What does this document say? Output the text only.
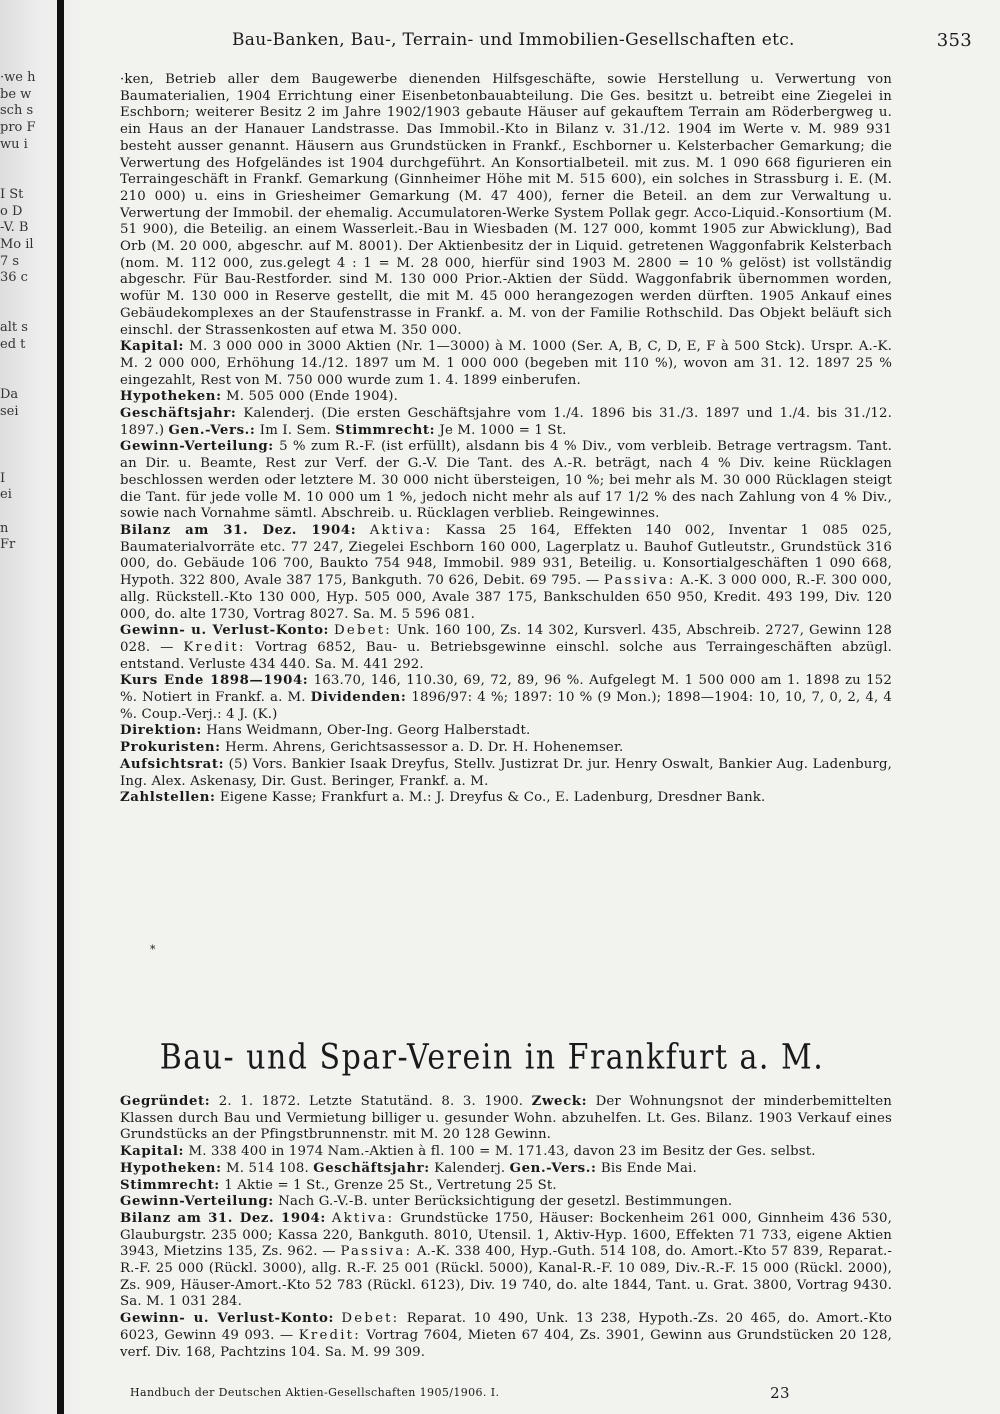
·we h
be w
sch s
pro F
wu i
I St
o D
-V. B
Mo il
7 s
36 c
alt s
ed t
Da
sei
I
ei
n
Fr
Bau-Banken, Bau-, Terrain- und Immobilien-Gesellschaften etc.	353

·ken, Betrieb aller dem Baugewerbe dienenden Hilfsgeschäfte, sowie Herstellung u. Verwertung von Baumaterialien, 1904 Errichtung einer Eisenbetonbauabteilung. Die Ges. besitzt u. betreibt eine Ziegelei in Eschborn; weiterer Besitz 2 im Jahre 1902/1903 gebaute Häuser auf gekauftem Terrain am Röderbergweg u. ein Haus an der Hanauer Landstrasse. Das Immobil.-Kto in Bilanz v. 31./12. 1904 im Werte v. M. 989 931 besteht ausser genannt. Häusern aus Grundstücken in Frankf., Eschborner u. Kelsterbacher Gemarkung; die Verwertung des Hofgeländes ist 1904 durchgeführt. An Konsortialbeteil. mit zus. M. 1 090 668 figurieren ein Terraingeschäft in Frankf. Gemarkung (Ginnheimer Höhe mit M. 515 600), ein solches in Strassburg i. E. (M. 210 000) u. eins in Griesheimer Gemarkung (M. 47 400), ferner die Beteil. an dem zur Verwaltung u. Verwertung der Immobil. der ehemalig. Accumulatoren-Werke System Pollak gegr. Acco-Liquid.-Konsortium (M. 51 900), die Beteilig. an einem Wasserleit.-Bau in Wiesbaden (M. 127 000, kommt 1905 zur Abwicklung), Bad Orb (M. 20 000, abgeschr. auf M. 8001). Der Aktienbesitz der in Liquid. getretenen Waggonfabrik Kelsterbach (nom. M. 112 000, zus.gelegt 4 : 1 = M. 28 000, hierfür sind 1903 M. 2800 = 10 % gelöst) ist vollständig abgeschr. Für Bau-Restforder. sind M. 130 000 Prior.-Aktien der Südd. Waggonfabrik übernommen worden, wofür M. 130 000 in Reserve gestellt, die mit M. 45 000 herangezogen werden dürften. 1905 Ankauf eines Gebäudekomplexes an der Staufenstrasse in Frankf. a. M. von der Familie Rothschild. Das Objekt beläuft sich einschl. der Strassenkosten auf etwa M. 350 000.

Kapital: M. 3 000 000 in 3000 Aktien (Nr. 1—3000) à M. 1000 (Ser. A, B, C, D, E, F à 500 Stck). Urspr. A.-K. M. 2 000 000, Erhöhung 14./12. 1897 um M. 1 000 000 (begeben mit 110 %), wovon am 31. 12. 1897 25 % eingezahlt, Rest von M. 750 000 wurde zum 1. 4. 1899 einberufen.

Hypotheken: M. 505 000 (Ende 1904).

Geschäftsjahr: Kalenderj. (Die ersten Geschäftsjahre vom 1./4. 1896 bis 31./3. 1897 und 1./4. bis 31./12. 1897.) Gen.-Vers.: Im I. Sem. Stimmrecht: Je M. 1000 = 1 St.

Gewinn-Verteilung: 5 % zum R.-F. (ist erfüllt), alsdann bis 4 % Div., vom verbleib. Betrage vertragsm. Tant. an Dir. u. Beamte, Rest zur Verf. der G.-V. Die Tant. des A.-R. beträgt, nach 4 % Div. keine Rücklagen beschlossen werden oder letztere M. 30 000 nicht übersteigen, 10 %; bei mehr als M. 30 000 Rücklagen steigt die Tant. für jede volle M. 10 000 um 1 %, jedoch nicht mehr als auf 17 1/2 % des nach Zahlung von 4 % Div., sowie nach Vornahme sämtl. Abschreib. u. Rücklagen verblieb. Reingewinnes.

Bilanz am 31. Dez. 1904: Aktiva: Kassa 25 164, Effekten 140 002, Inventar 1 085 025, Baumaterialvorräte etc. 77 247, Ziegelei Eschborn 160 000, Lagerplatz u. Bauhof Gutleutstr., Grundstück 316 000, do. Gebäude 106 700, Baukto 754 948, Immobil. 989 931, Beteilig. u. Konsortialgeschäften 1 090 668, Hypoth. 322 800, Avale 387 175, Bankguth. 70 626, Debit. 69 795. — Passiva: A.-K. 3 000 000, R.-F. 300 000, allg. Rückstell.-Kto 130 000, Hyp. 505 000, Avale 387 175, Bankschulden 650 950, Kredit. 493 199, Div. 120 000, do. alte 1730, Vortrag 8027. Sa. M. 5 596 081.

Gewinn- u. Verlust-Konto: Debet: Unk. 160 100, Zs. 14 302, Kursverl. 435, Abschreib. 2727, Gewinn 128 028. — Kredit: Vortrag 6852, Bau- u. Betriebsgewinne einschl. solche aus Terraingeschäften abzügl. entstand. Verluste 434 440. Sa. M. 441 292.

Kurs Ende 1898—1904: 163.70, 146, 110.30, 69, 72, 89, 96 %. Aufgelegt M. 1 500 000 am 1. 1898 zu 152 %. Notiert in Frankf. a. M. Dividenden: 1896/97: 4 %; 1897: 10 % (9 Mon.); 1898—1904: 10, 10, 7, 0, 2, 4, 4 %. Coup.-Verj.: 4 J. (K.)

Direktion: Hans Weidmann, Ober-Ing. Georg Halberstadt.

Prokuristen: Herm. Ahrens, Gerichtsassessor a. D. Dr. H. Hohenemser.

Aufsichtsrat: (5) Vors. Bankier Isaak Dreyfus, Stellv. Justizrat Dr. jur. Henry Oswalt, Bankier Aug. Ladenburg, Ing. Alex. Askenasy, Dir. Gust. Beringer, Frankf. a. M.

Zahlstellen: Eigene Kasse; Frankfurt a. M.: J. Dreyfus & Co., E. Ladenburg, Dresdner Bank.

*
Bau- und Spar-Verein in Frankfurt a. M.

Gegründet: 2. 1. 1872. Letzte Statutänd. 8. 3. 1900. Zweck: Der Wohnungsnot der minderbemittelten Klassen durch Bau und Vermietung billiger u. gesunder Wohn. abzuhelfen. Lt. Ges. Bilanz. 1903 Verkauf eines Grundstücks an der Pfingstbrunnenstr. mit M. 20 128 Gewinn.

Kapital: M. 338 400 in 1974 Nam.-Aktien à fl. 100 = M. 171.43, davon 23 im Besitz der Ges. selbst.

Hypotheken: M. 514 108. Geschäftsjahr: Kalenderj. Gen.-Vers.: Bis Ende Mai.

Stimmrecht: 1 Aktie = 1 St., Grenze 25 St., Vertretung 25 St.

Gewinn-Verteilung: Nach G.-V.-B. unter Berücksichtigung der gesetzl. Bestimmungen.

Bilanz am 31. Dez. 1904: Aktiva: Grundstücke 1750, Häuser: Bockenheim 261 000, Ginnheim 436 530, Glauburgstr. 235 000; Kassa 220, Bankguth. 8010, Utensil. 1, Aktiv-Hyp. 1600, Effekten 71 733, eigene Aktien 3943, Mietzins 135, Zs. 962. — Passiva: A.-K. 338 400, Hyp.-Guth. 514 108, do. Amort.-Kto 57 839, Reparat.-R.-F. 25 000 (Rückl. 3000), allg. R.-F. 25 001 (Rückl. 5000), Kanal-R.-F. 10 089, Div.-R.-F. 15 000 (Rückl. 2000), Zs. 909, Häuser-Amort.-Kto 52 783 (Rückl. 6123), Div. 19 740, do. alte 1844, Tant. u. Grat. 3800, Vortrag 9430. Sa. M. 1 031 284.

Gewinn- u. Verlust-Konto: Debet: Reparat. 10 490, Unk. 13 238, Hypoth.-Zs. 20 465, do. Amort.-Kto 6023, Gewinn 49 093. — Kredit: Vortrag 7604, Mieten 67 404, Zs. 3901, Gewinn aus Grundstücken 20 128, verf. Div. 168, Pachtzins 104. Sa. M. 99 309.

Handbuch der Deutschen Aktien-Gesellschaften 1905/1906. I.	23
